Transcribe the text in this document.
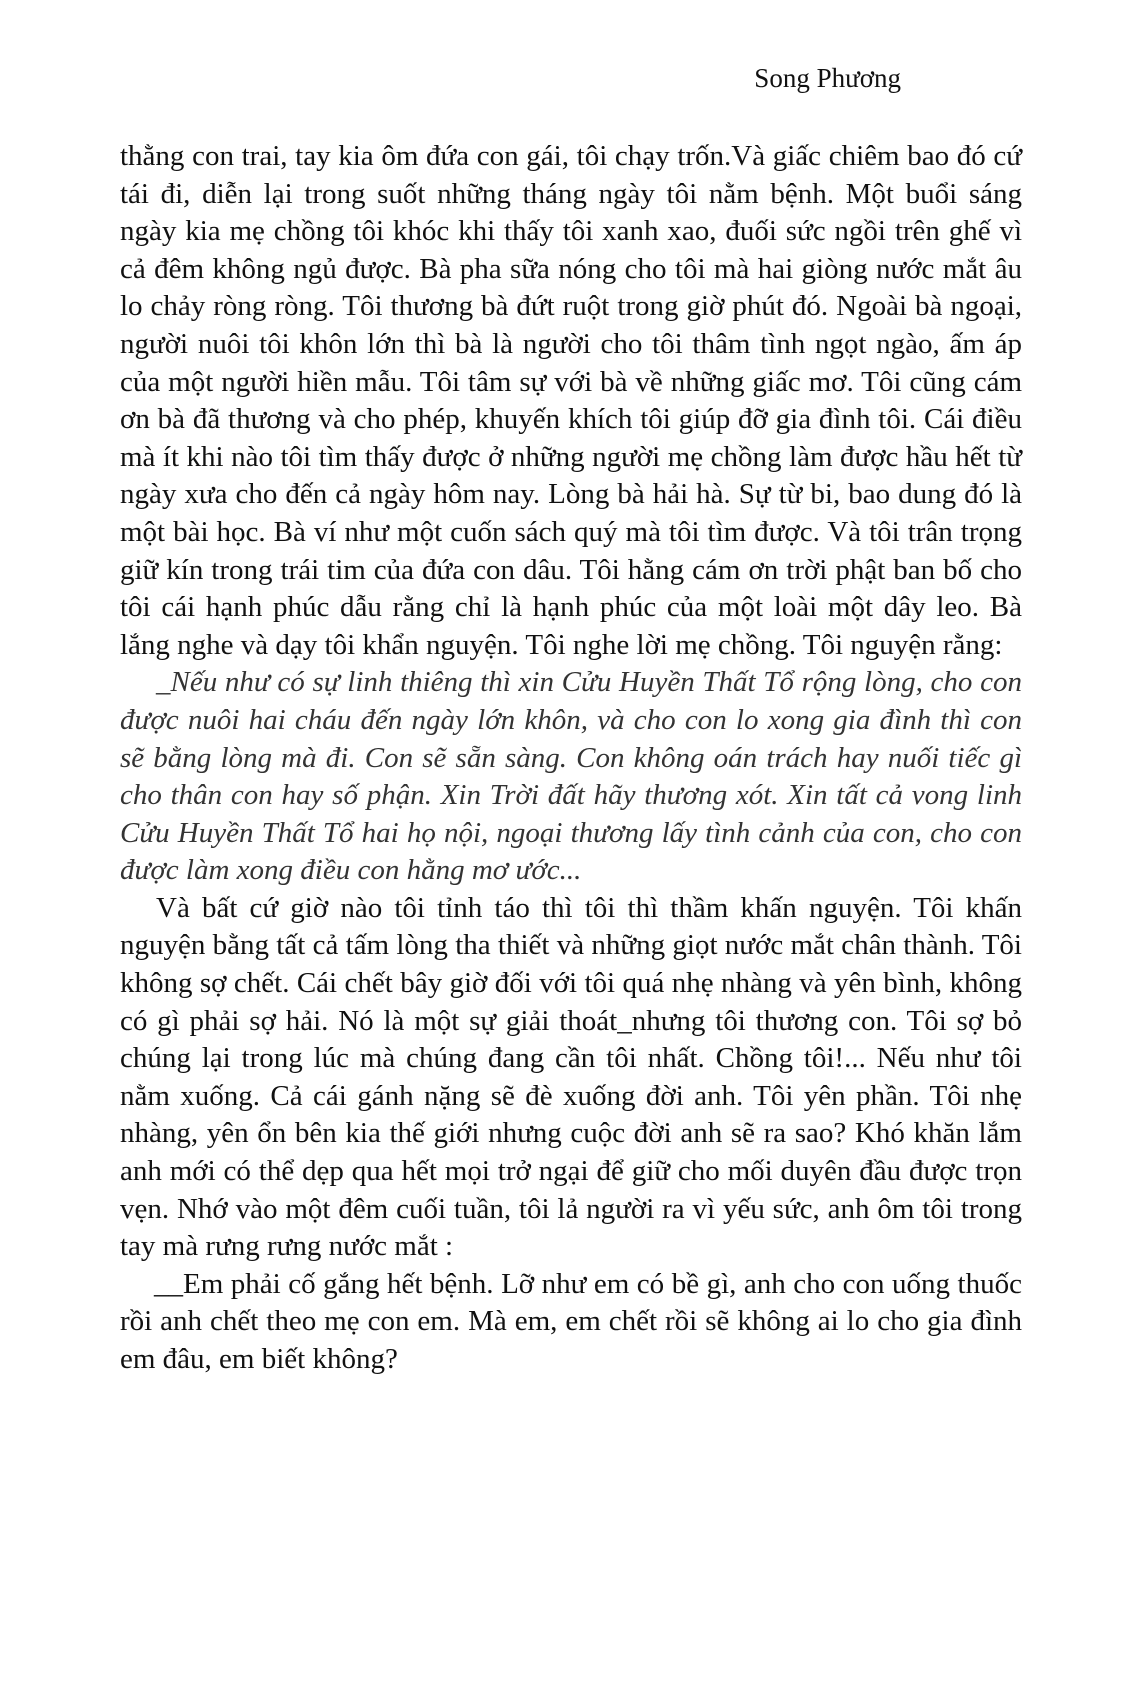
Song Phương

thằng con trai, tay kia ôm đứa con gái, tôi chạy trốn.Và giấc chiêm bao đó cứ tái đi, diễn lại trong suốt những tháng ngày tôi nằm bệnh. Một buổi sáng ngày kia mẹ chồng tôi khóc khi thấy tôi xanh xao, đuối sức ngồi trên ghế vì cả đêm không ngủ được. Bà pha sữa nóng cho tôi mà hai giòng nước mắt âu lo chảy ròng ròng. Tôi thương bà đứt ruột trong giờ phút đó. Ngoài bà ngoại, người nuôi tôi khôn lớn thì bà là người cho tôi thâm tình ngọt ngào, ấm áp của một người hiền mẫu. Tôi tâm sự với bà về những giấc mơ. Tôi cũng cám ơn bà đã thương và cho phép, khuyến khích tôi giúp đỡ gia đình tôi. Cái điều mà ít khi nào tôi tìm thấy được ở những người mẹ chồng làm được hầu hết từ ngày xưa cho đến cả ngày hôm nay. Lòng bà hải hà. Sự từ bi, bao dung đó là một bài học. Bà ví như một cuốn sách quý mà tôi tìm được. Và tôi trân trọng giữ kín trong trái tim của đứa con dâu. Tôi hằng cám ơn trời phật ban bố cho tôi cái hạnh phúc dẫu rằng chỉ là hạnh phúc của một loài một dây leo. Bà lắng nghe và dạy tôi khẩn nguyện. Tôi nghe lời mẹ chồng. Tôi nguyện rằng:

_Nếu như có sự linh thiêng thì xin Cửu Huyền Thất Tổ rộng lòng, cho con được nuôi hai cháu đến ngày lớn khôn, và cho con lo xong gia đình thì con sẽ bằng lòng mà đi. Con sẽ sẵn sàng. Con không oán trách hay nuối tiếc gì cho thân con hay số phận. Xin Trời đất hãy thương xót. Xin tất cả vong linh Cửu Huyền Thất Tổ hai họ nội, ngoại thương lấy tình cảnh của con, cho con được làm xong điều con hằng mơ ước...

Và bất cứ giờ nào tôi tỉnh táo thì tôi thì thầm khấn nguyện. Tôi khấn nguyện bằng tất cả tấm lòng tha thiết và những giọt nước mắt chân thành. Tôi không sợ chết. Cái chết bây giờ đối với tôi quá nhẹ nhàng và yên bình, không có gì phải sợ hải. Nó là một sự giải thoát_nhưng tôi thương con. Tôi sợ bỏ chúng lại trong lúc mà chúng đang cần tôi nhất. Chồng tôi!... Nếu như tôi nằm xuống. Cả cái gánh nặng sẽ đè xuống đời anh. Tôi yên phần. Tôi nhẹ nhàng, yên ổn bên kia thế giới nhưng cuộc đời anh sẽ ra sao? Khó khăn lắm anh mới có thể dẹp qua hết mọi trở ngại để giữ cho mối duyên đầu được trọn vẹn. Nhớ vào một đêm cuối tuần, tôi lả người ra vì yếu sức, anh ôm tôi trong tay mà rưng rưng nước mắt :

__Em phải cố gắng hết bệnh. Lỡ như em có bề gì, anh cho con uống thuốc rồi anh chết theo mẹ con em. Mà em, em chết rồi sẽ không ai lo cho gia đình em đâu, em biết không?
